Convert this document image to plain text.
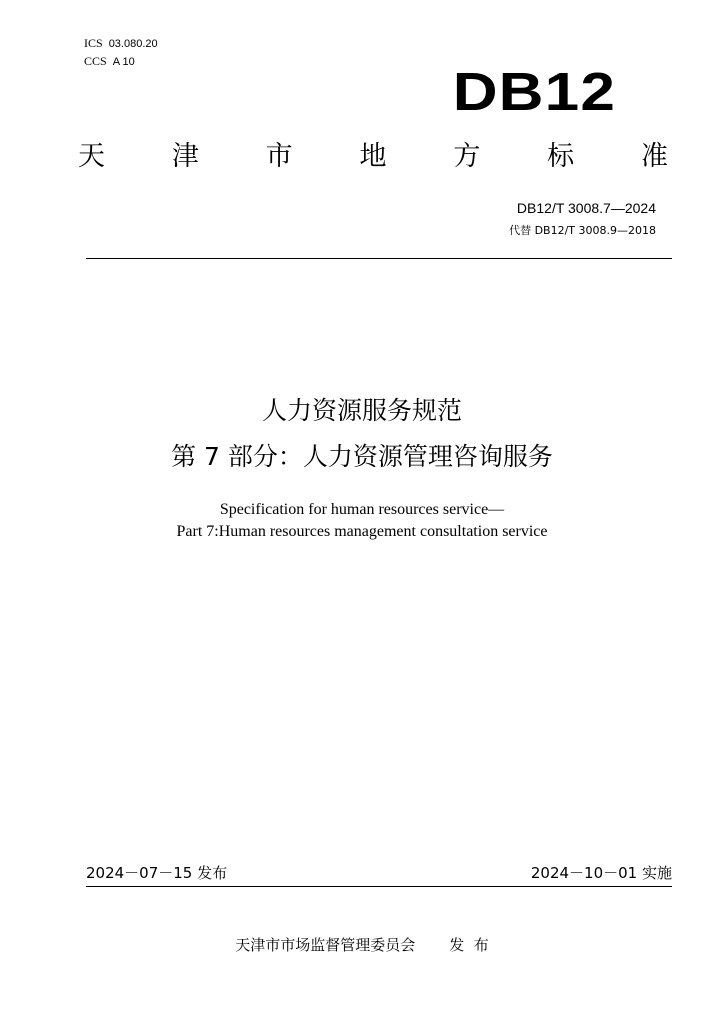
ICS 03.080.20
CCS A 10	DB12
天 津 市 地 方 标 准
DB12/T 3008.7—2024
代替 DB12/T 3008.9—2018
人力资源服务规范
第 7 部分：人力资源管理咨询服务
Specification for human resources service—
Part 7:Human resources management consultation service
2024－07－15 发布	2024－10－01 实施
天津市市场监督管理委员会 发  布
